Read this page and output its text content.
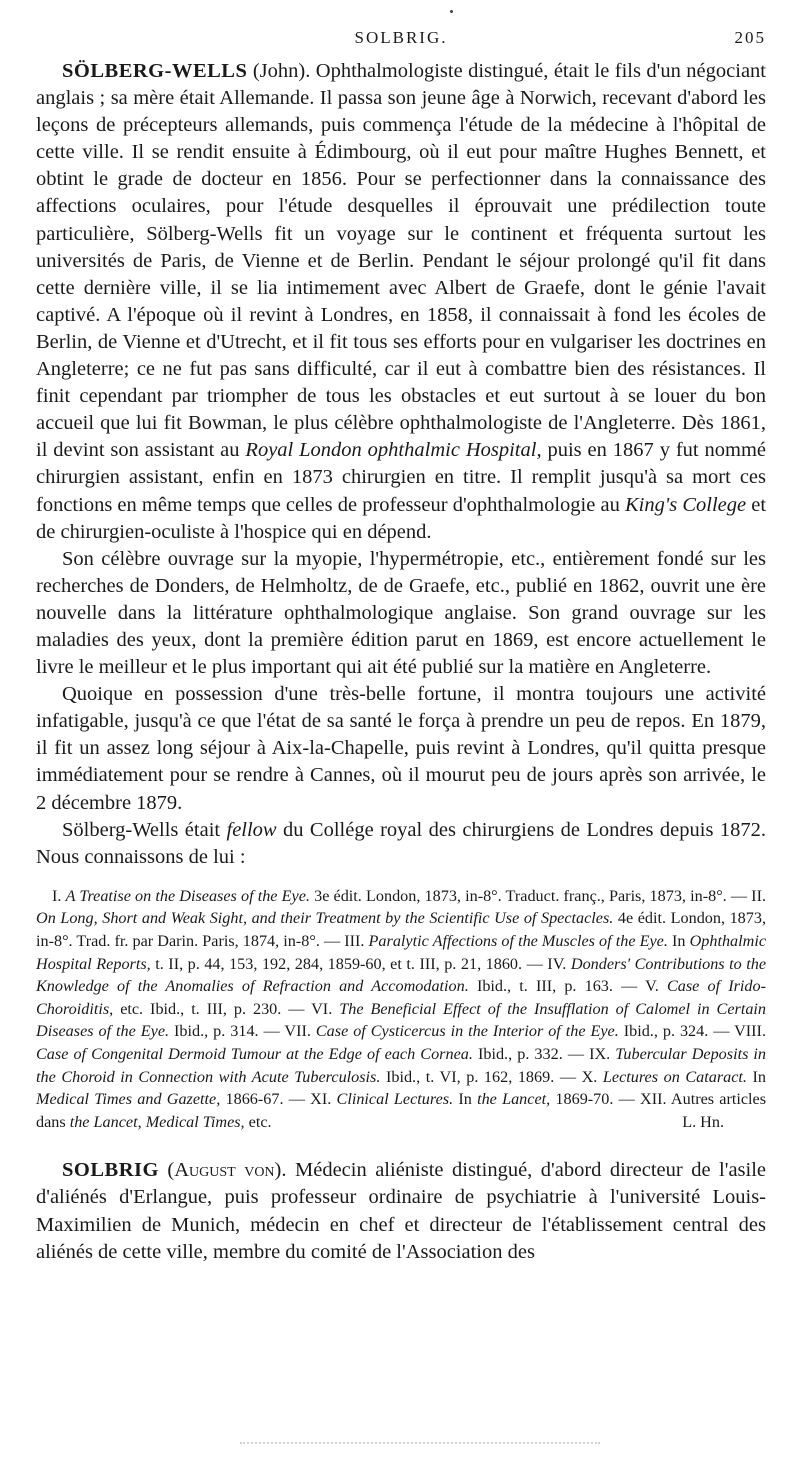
SOLBRIG.	205

SÖLBERG-WELLS (John). Ophthalmologiste distingué, était le fils d'un négociant anglais ; sa mère était Allemande. Il passa son jeune âge à Norwich, recevant d'abord les leçons de précepteurs allemands, puis commença l'étude de la médecine à l'hôpital de cette ville. Il se rendit ensuite à Édimbourg, où il eut pour maître Hughes Bennett, et obtint le grade de docteur en 1856. Pour se perfectionner dans la connaissance des affections oculaires, pour l'étude desquelles il éprouvait une prédilection toute particulière, Sölberg-Wells fit un voyage sur le continent et fréquenta surtout les universités de Paris, de Vienne et de Berlin. Pendant le séjour prolongé qu'il fit dans cette dernière ville, il se lia intimement avec Albert de Graefe, dont le génie l'avait captivé. A l'époque où il revint à Londres, en 1858, il connaissait à fond les écoles de Berlin, de Vienne et d'Utrecht, et il fit tous ses efforts pour en vulgariser les doctrines en Angleterre; ce ne fut pas sans difficulté, car il eut à combattre bien des résistances. Il finit cependant par triompher de tous les obstacles et eut surtout à se louer du bon accueil que lui fit Bowman, le plus célèbre ophthalmologiste de l'Angleterre. Dès 1861, il devint son assistant au Royal London ophthalmic Hospital, puis en 1867 y fut nommé chirurgien assistant, enfin en 1873 chirurgien en titre. Il remplit jusqu'à sa mort ces fonctions en même temps que celles de professeur d'ophthalmologie au King's College et de chirurgien-oculiste à l'hospice qui en dépend.

Son célèbre ouvrage sur la myopie, l'hypermétropie, etc., entièrement fondé sur les recherches de Donders, de Helmholtz, de de Graefe, etc., publié en 1862, ouvrit une ère nouvelle dans la littérature ophthalmologique anglaise. Son grand ouvrage sur les maladies des yeux, dont la première édition parut en 1869, est encore actuellement le livre le meilleur et le plus important qui ait été publié sur la matière en Angleterre.

Quoique en possession d'une très-belle fortune, il montra toujours une activité infatigable, jusqu'à ce que l'état de sa santé le força à prendre un peu de repos. En 1879, il fit un assez long séjour à Aix-la-Chapelle, puis revint à Londres, qu'il quitta presque immédiatement pour se rendre à Cannes, où il mourut peu de jours après son arrivée, le 2 décembre 1879.

Sölberg-Wells était fellow du Collége royal des chirurgiens de Londres depuis 1872. Nous connaissons de lui :

I. A Treatise on the Diseases of the Eye. 3e édit. London, 1873, in-8°. Traduct. franç., Paris, 1873, in-8°. — II. On Long, Short and Weak Sight, and their Treatment by the Scientific Use of Spectacles. 4e édit. London, 1873, in-8°. Trad. fr. par Darin. Paris, 1874, in-8°. — III. Paralytic Affections of the Muscles of the Eye. In Ophthalmic Hospital Reports, t. II, p. 44, 153, 192, 284, 1859-60, et t. III, p. 21, 1860. — IV. Donders' Contributions to the Knowledge of the Anomalies of Refraction and Accomodation. Ibid., t. III, p. 163. — V. Case of Irido-Choroiditis, etc. Ibid., t. III, p. 230. — VI. The Beneficial Effect of the Insufflation of Calomel in Certain Diseases of the Eye. Ibid., p. 314. — VII. Case of Cysticercus in the Interior of the Eye. Ibid., p. 324. — VIII. Case of Congenital Dermoid Tumour at the Edge of each Cornea. Ibid., p. 332. — IX. Tubercular Deposits in the Choroid in Connection with Acute Tuberculosis. Ibid., t. VI, p. 162, 1869. — X. Lectures on Cataract. In Medical Times and Gazette, 1866-67. — XI. Clinical Lectures. In the Lancet, 1869-70. — XII. Autres articles dans the Lancet, Medical Times, etc.	L. Hn.

SOLBRIG (August von). Médecin aliéniste distingué, d'abord directeur de l'asile d'aliénés d'Erlangue, puis professeur ordinaire de psychiatrie à l'université Louis-Maximilien de Munich, médecin en chef et directeur de l'établissement central des aliénés de cette ville, membre du comité de l'Association des
